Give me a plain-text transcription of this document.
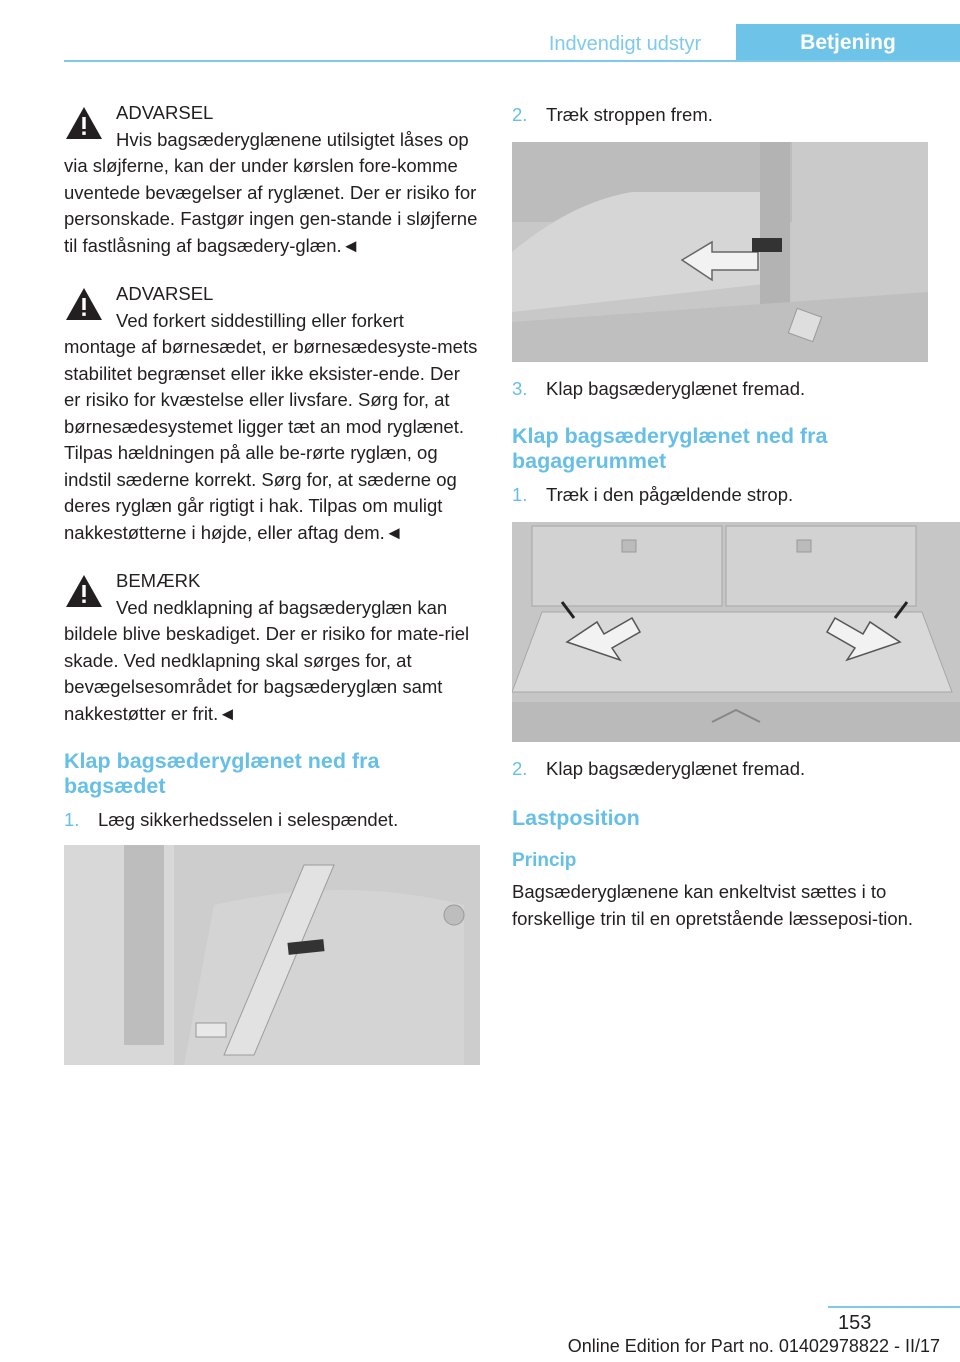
Indvendigt udstyr	Betjening
ADVARSEL

Hvis bagsæderyglænene utilsigtet låses op via sløjferne, kan der under kørslen fore-komme uventede bevægelser af ryglænet. Der er risiko for personskade. Fastgør ingen gen-stande i sløjferne til fastlåsning af bagsædery-glæn.◄

ADVARSEL

Ved forkert siddestilling eller forkert montage af børnesædet, er børnesædesyste-mets stabilitet begrænset eller ikke eksister-ende. Der er risiko for kvæstelse eller livsfare. Sørg for, at børnesædesystemet ligger tæt an mod ryglænet. Tilpas hældningen på alle be-rørte ryglæn, og indstil sæderne korrekt. Sørg for, at sæderne og deres ryglæn går rigtigt i hak. Tilpas om muligt nakkestøtterne i højde, eller aftag dem.◄

BEMÆRK

Ved nedklapning af bagsæderyglæn kan bildele blive beskadiget. Der er risiko for mate-riel skade. Ved nedklapning skal sørges for, at bevægelsesområdet for bagsæderyglæn samt nakkestøtter er frit.◄

Klap bagsæderyglænet ned fra bagsædet
1. Læg sikkerhedsselen i selespændet.
2. Træk stroppen frem.
3. Klap bagsæderyglænet fremad.
Klap bagsæderyglænet ned fra bagagerummet
1. Træk i den pågældende strop.
2. Klap bagsæderyglænet fremad.
Lastposition
Princip

Bagsæderyglænene kan enkeltvist sættes i to forskellige trin til en opretstående læsseposi-tion.

153
Online Edition for Part no. 01402978822 - II/17
